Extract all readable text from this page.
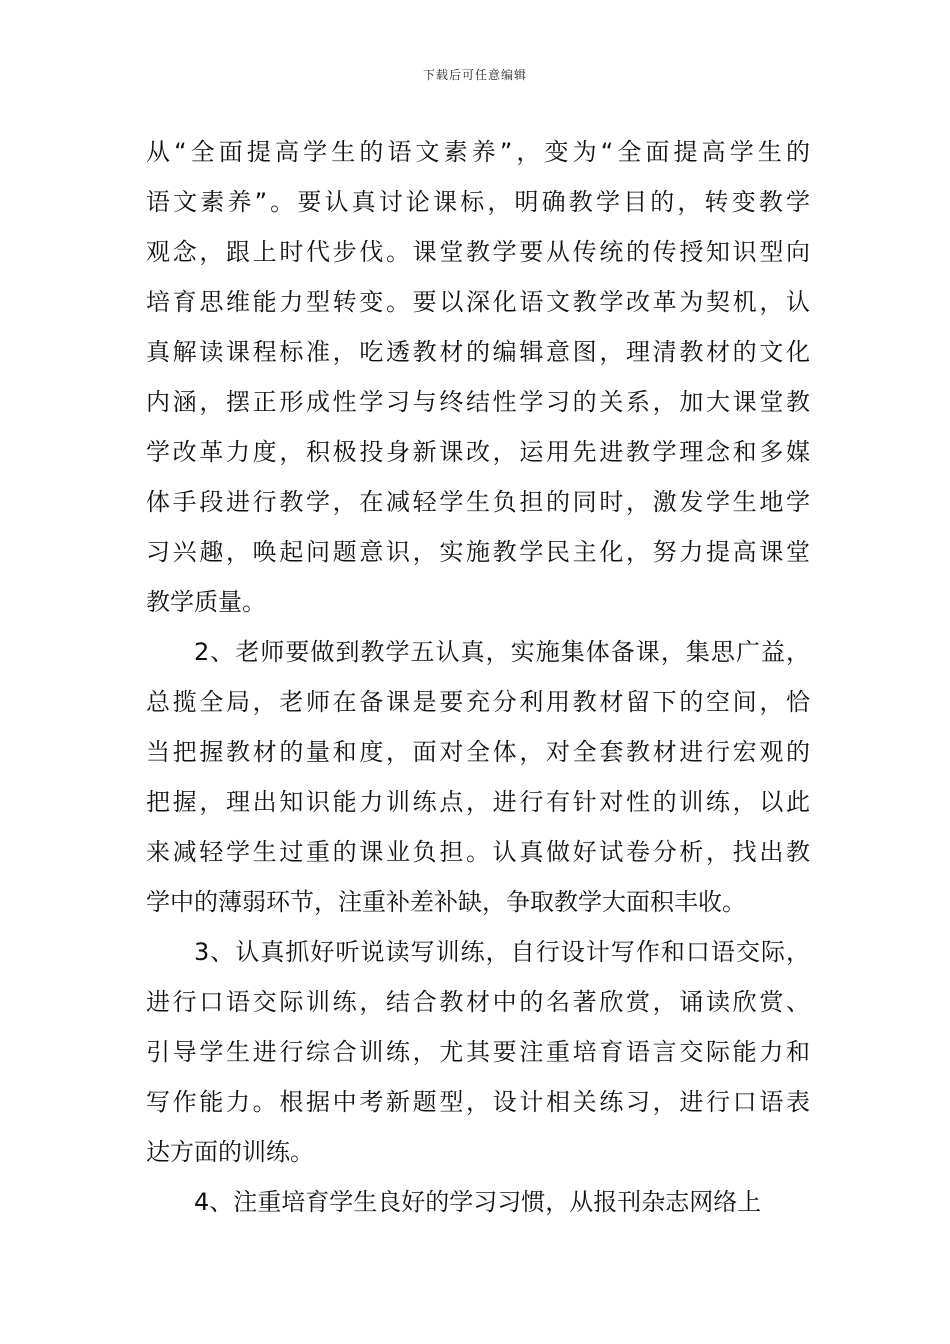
下载后可任意编辑
从“全面提高学生的语文素养”，变为“全面提高学生的
语文素养”。要认真讨论课标，明确教学目的，转变教学
观念，跟上时代步伐。课堂教学要从传统的传授知识型向
培育思维能力型转变。要以深化语文教学改革为契机，认
真解读课程标准，吃透教材的编辑意图，理清教材的文化
内涵，摆正形成性学习与终结性学习的关系，加大课堂教
学改革力度，积极投身新课改，运用先进教学理念和多媒
体手段进行教学，在减轻学生负担的同时，激发学生地学
习兴趣，唤起问题意识，实施教学民主化，努力提高课堂
教学质量。
2、老师要做到教学五认真，实施集体备课，集思广益，
总揽全局，老师在备课是要充分利用教材留下的空间，恰
当把握教材的量和度，面对全体，对全套教材进行宏观的
把握，理出知识能力训练点，进行有针对性的训练，以此
来减轻学生过重的课业负担。认真做好试卷分析，找出教
学中的薄弱环节，注重补差补缺，争取教学大面积丰收。
3、认真抓好听说读写训练，自行设计写作和口语交际，
进行口语交际训练，结合教材中的名著欣赏，诵读欣赏、
引导学生进行综合训练，尤其要注重培育语言交际能力和
写作能力。根据中考新题型，设计相关练习，进行口语表
达方面的训练。
4、注重培育学生良好的学习习惯，从报刊杂志网络上
